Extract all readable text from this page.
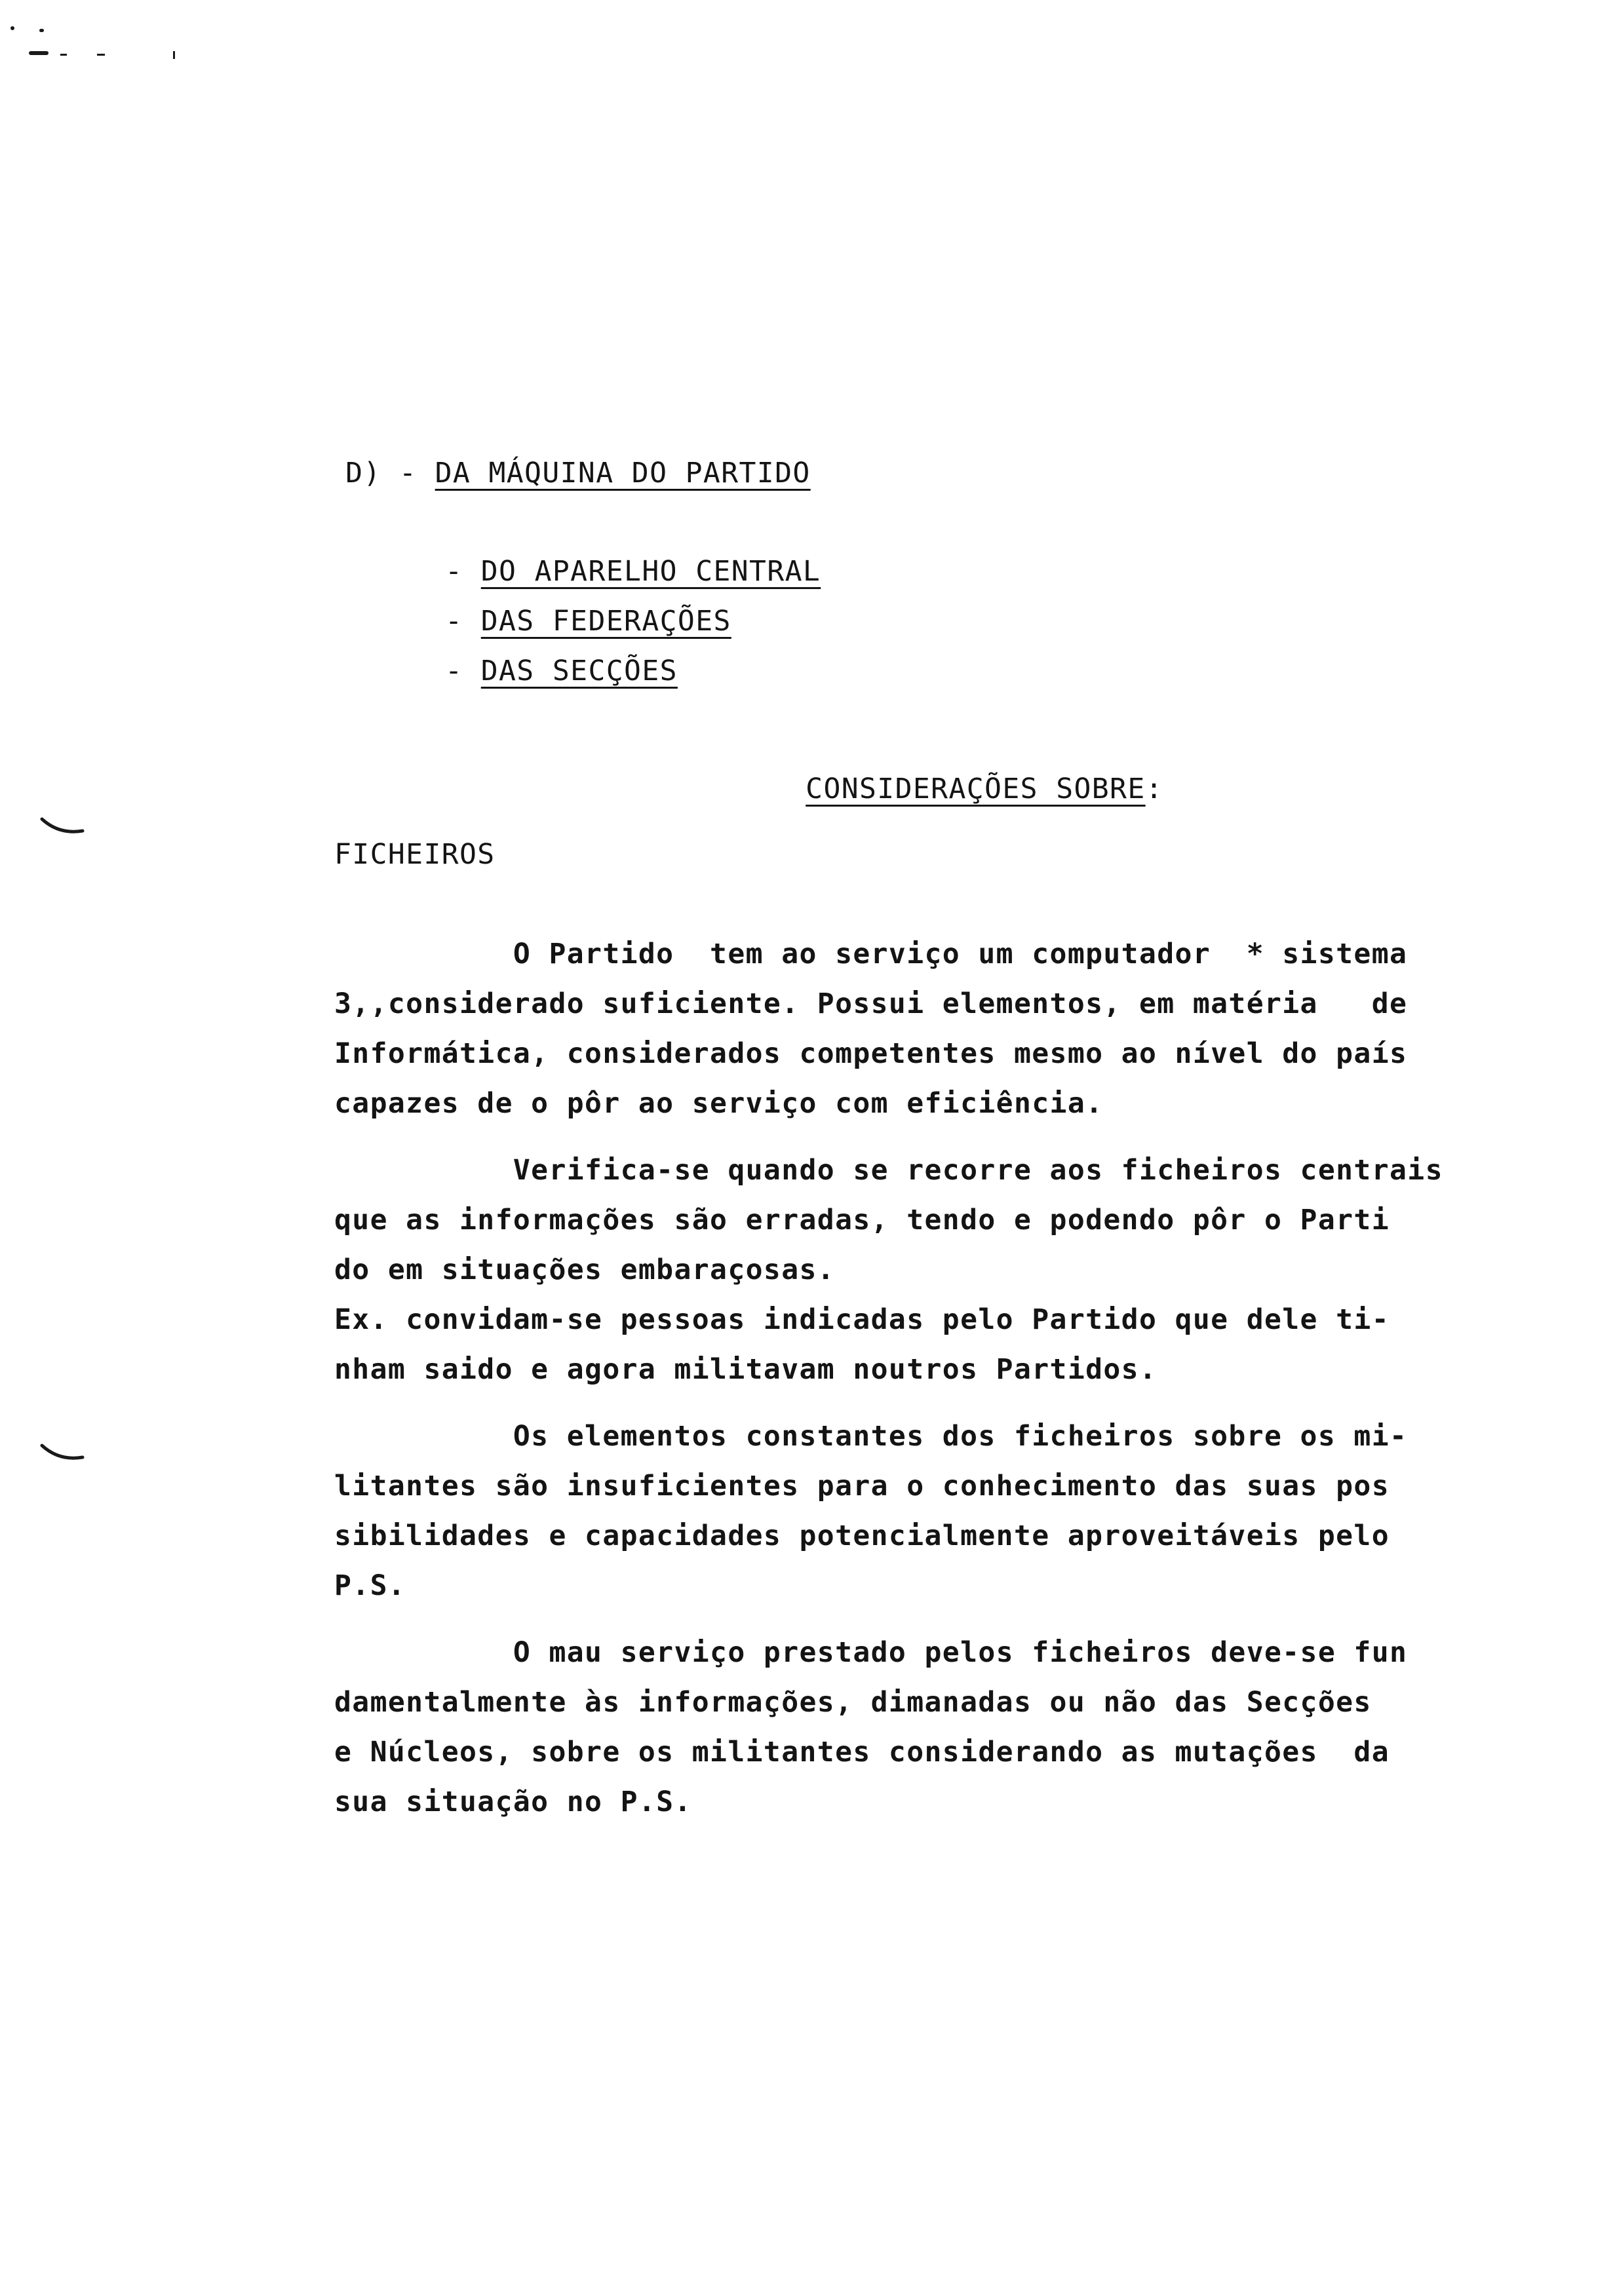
D) - DA MÁQUINA DO PARTIDO

- DO APARELHO CENTRAL

- DAS FEDERAÇÕES

- DAS SECÇÕES

CONSIDERAÇÕES SOBRE:

FICHEIROS
O Partido  tem ao serviço um computador  * sistema
3,,considerado suficiente. Possui elementos, em matéria   de
Informática, considerados competentes mesmo ao nível do país
capazes de o pôr ao serviço com eficiência.
Verifica-se quando se recorre aos ficheiros centrais
que as informações são erradas, tendo e podendo pôr o Parti
do em situações embaraçosas.
Ex. convidam-se pessoas indicadas pelo Partido que dele ti-
nham saido e agora militavam noutros Partidos.
Os elementos constantes dos ficheiros sobre os mi-
litantes são insuficientes para o conhecimento das suas pos
sibilidades e capacidades potencialmente aproveitáveis pelo
P.S.
O mau serviço prestado pelos ficheiros deve-se fun
damentalmente às informações, dimanadas ou não das Secções
e Núcleos, sobre os militantes considerando as mutações  da
sua situação no P.S.
